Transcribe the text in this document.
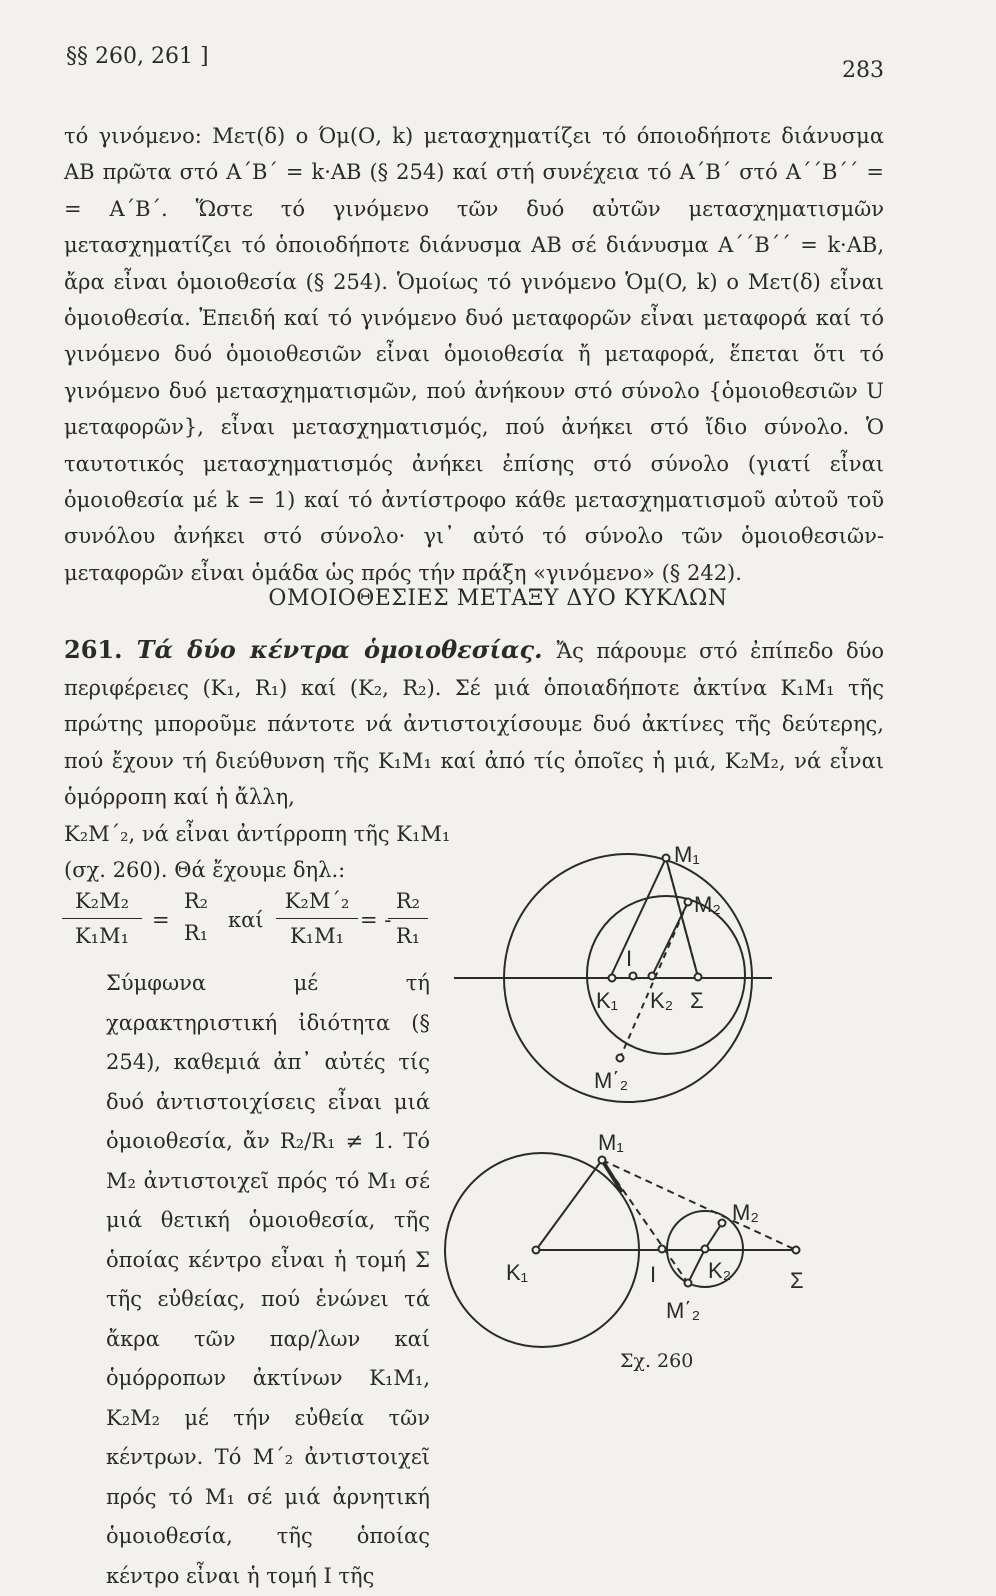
§§ 260, 261 ]
283

τό γινόμενο: Μετ(δ) ο Όμ(Ο, k) μετασχηματίζει τό όποιοδήποτε διάνυσμα AB πρῶτα στό A΄B΄ = k·AB (§ 254) καί στή συνέχεια τό A΄B΄ στό A΄΄B΄΄ = = A΄B΄. Ὥστε τό γινόμενο τῶν δυό αὐτῶν μετασχηματισμῶν μετασχηματίζει τό ὁποιοδήποτε διάνυσμα AB σέ διάνυσμα A΄΄B΄΄ = k·AB, ἄρα εἶναι ὁμοιοθεσία (§ 254). Ὁμοίως τό γινόμενο Ὁμ(O, k) ο Μετ(δ) εἶναι ὁμοιοθεσία. Ἐπειδή καί τό γινόμενο δυό μεταφορῶν εἶναι μεταφορά καί τό γινόμενο δυό ὁμοιοθεσιῶν εἶναι ὁμοιοθεσία ἤ μεταφορά, ἕπεται ὅτι τό γινόμενο δυό μετασχηματισμῶν, πού ἀνήκουν στό σύνολο {ὁμοιοθεσιῶν U μεταφορῶν}, εἶναι μετασχηματισμός, πού ἀνήκει στό ἴδιο σύνολο. Ὁ ταυτοτικός μετασχηματισμός ἀνήκει ἐπίσης στό σύνολο (γιατί εἶναι ὁμοιοθεσία μέ k = 1) καί τό ἀντίστροφο κάθε μετασχηματισμοῦ αὐτοῦ τοῦ συνόλου ἀνήκει στό σύνολο· γι᾽ αὐτό τό σύνολο τῶν ὁμοιοθεσιῶν-μεταφορῶν εἶναι ὁμάδα ὡς πρός τήν πράξη «γινόμενο» (§ 242).

ΟΜΟΙΟΘΕΣΙΕΣ ΜΕΤΑΞΥ ΔΥΟ ΚΥΚΛΩΝ
261. Τά δύο κέντρα ὁμοιοθεσίας. Ἄς πάρουμε στό ἐπίπεδο δύο περιφέρειες (K₁, R₁) καί (K₂, R₂). Σέ μιά ὁποιαδήποτε ἀκτίνα K₁M₁ τῆς πρώτης μποροῦμε πάντοτε νά ἀντιστοιχίσουμε δυό ἀκτίνες τῆς δεύτερης, πού ἔχουν τή διεύθυνση τῆς K₁M₁ καί ἀπό τίς ὁποῖες ἡ μιά, K₂M₂, νά εἶναι ὁμόρροπη καί ἡ ἄλλη,
K₂M΄₂, νά εἶναι ἀντίρροπη τῆς K₁M₁
(σχ. 260). Θά ἔχουμε δηλ.:
K₂M₂
K₁M₁
=
R₂
R₁
καί
K₂M΄₂
K₁M₁
= -
R₂
R₁

Σύμφωνα μέ τή χαρακτηριστική ἰδιότητα (§ 254), καθεμιά ἀπ᾽ αὐτές τίς δυό ἀντιστοιχίσεις εἶναι μιά ὁμοιοθεσία, ἄν R₂/R₁ ≠ 1. Τό M₂ ἀντιστοιχεῖ πρός τό M₁ σέ μιά θετική ὁμοιοθεσία, τῆς ὁποίας κέντρο εἶναι ἡ τομή Σ τῆς εὐθείας, πού ἑνώνει τά ἄκρα τῶν παρ/λων καί ὁμόρροπων ἀκτίνων K₁M₁, K₂M₂ μέ τήν εὐθεία τῶν κέντρων. Τό M΄₂ ἀντιστοιχεῖ πρός τό M₁ σέ μιά ἀρνητική ὁμοιοθεσία, τῆς ὁποίας κέντρο εἶναι ἡ τομή I τῆς

M₁
M₂
I
K₁ K₂ Σ
M΄₂
M₁
M₂
K₁	I K₂	Σ
M΄₂
Σχ. 260
